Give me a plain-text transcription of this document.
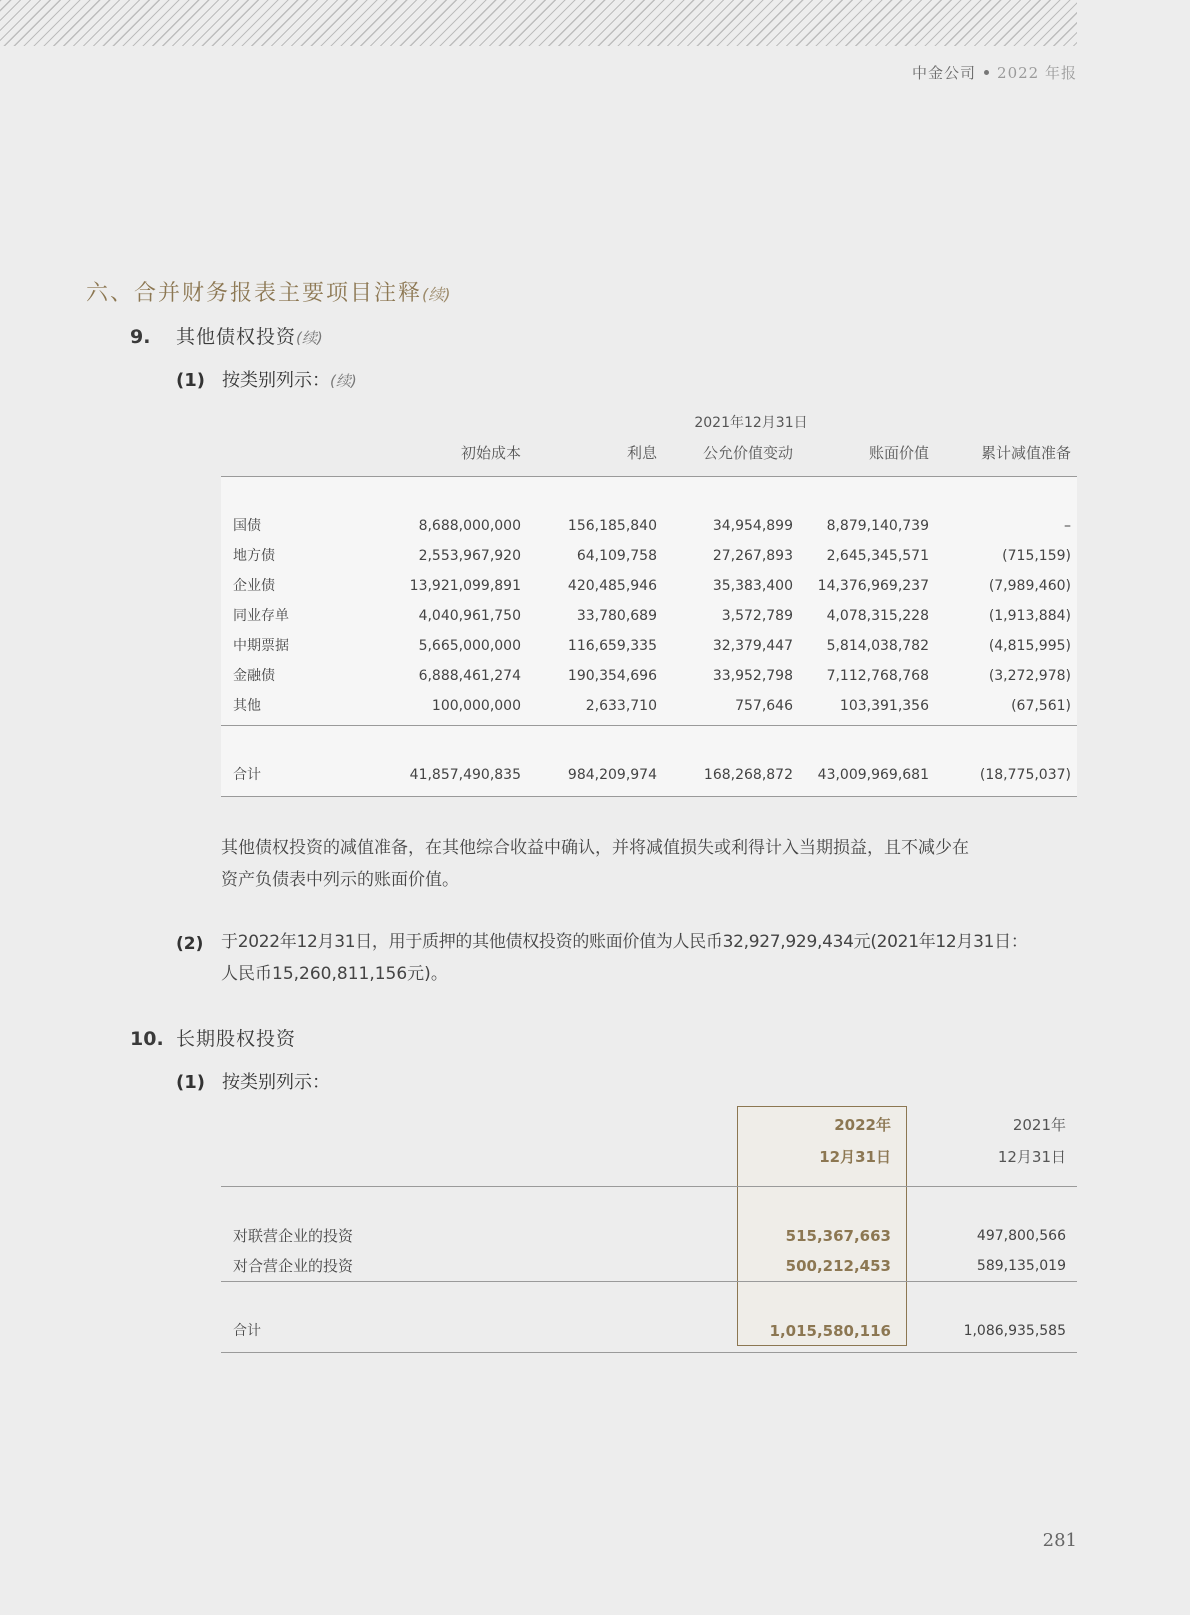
中金公司 2022 年报
六、合并财务报表主要项目注释(续)
9. 其他债权投资(续)
(1) 按类别列示：(续)
2021年12月31日
初始成本	利息	公允价值变动	账面价值	累计减值准备
国债	8,688,000,000	156,185,840	34,954,899	8,879,140,739	–
地方债	2,553,967,920	64,109,758	27,267,893	2,645,345,571	(715,159)
企业债	13,921,099,891	420,485,946	35,383,400	14,376,969,237	(7,989,460)
同业存单	4,040,961,750	33,780,689	3,572,789	4,078,315,228	(1,913,884)
中期票据	5,665,000,000	116,659,335	32,379,447	5,814,038,782	(4,815,995)
金融债	6,888,461,274	190,354,696	33,952,798	7,112,768,768	(3,272,978)
其他	100,000,000	2,633,710	757,646	103,391,356	(67,561)
合计	41,857,490,835	984,209,974	168,268,872	43,009,969,681	(18,775,037)
其他债权投资的减值准备，在其他综合收益中确认，并将减值损失或利得计入当期损益，且不减少在
资产负债表中列示的账面价值。
(2) 于2022年12月31日，用于质押的其他债权投资的账面价值为人民币32,927,929,434元(2021年12月31日：
人民币15,260,811,156元)。
10. 长期股权投资
(1) 按类别列示：
2022年	2021年
12月31日	12月31日
对联营企业的投资	515,367,663	497,800,566
对合营企业的投资	500,212,453	589,135,019
合计	1,015,580,116	1,086,935,585
281
